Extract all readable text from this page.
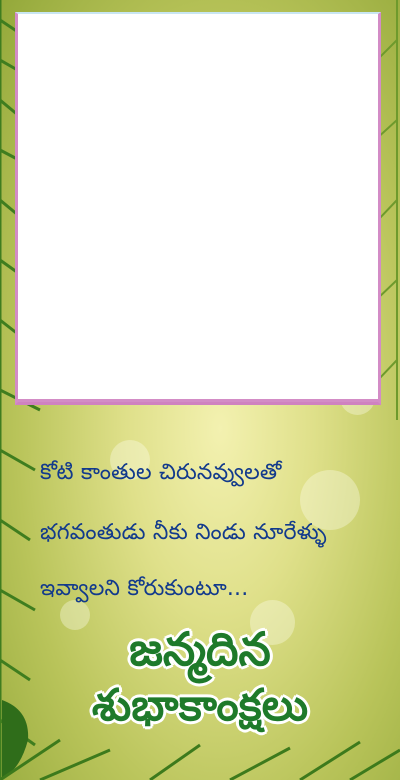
కోటి కాంతుల చిరునవ్వులతో
భగవంతుడు నీకు నిండు నూరేళ్ళు
ఇవ్వాలని కోరుకుంటూ...
జన్మదిన
శుభాకాంక్షలు
